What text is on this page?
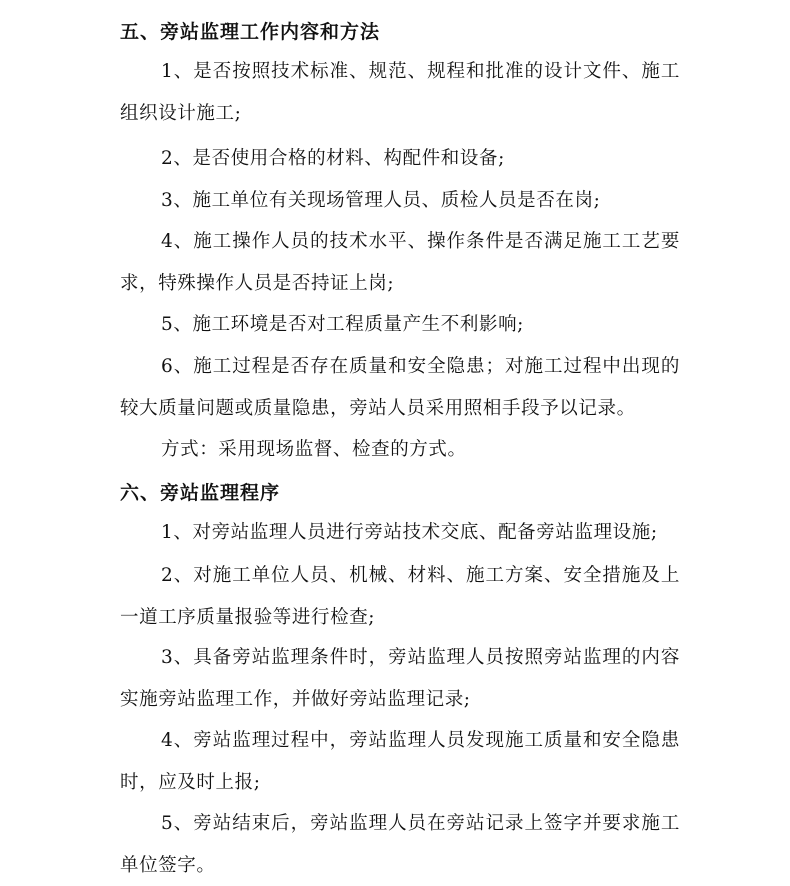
五、旁站监理工作内容和方法

1、是否按照技术标准、规范、规程和批准的设计文件、施工组织设计施工;

2、是否使用合格的材料、构配件和设备;

3、施工单位有关现场管理人员、质检人员是否在岗;

4、施工操作人员的技术水平、操作条件是否满足施工工艺要求，特殊操作人员是否持证上岗;

5、施工环境是否对工程质量产生不利影响;

6、施工过程是否存在质量和安全隐患；对施工过程中出现的较大质量问题或质量隐患，旁站人员采用照相手段予以记录。

方式：采用现场监督、检查的方式。

六、旁站监理程序

1、对旁站监理人员进行旁站技术交底、配备旁站监理设施;

2、对施工单位人员、机械、材料、施工方案、安全措施及上一道工序质量报验等进行检查;

3、具备旁站监理条件时，旁站监理人员按照旁站监理的内容实施旁站监理工作，并做好旁站监理记录;

4、旁站监理过程中，旁站监理人员发现施工质量和安全隐患时，应及时上报;

5、旁站结束后，旁站监理人员在旁站记录上签字并要求施工单位签字。
